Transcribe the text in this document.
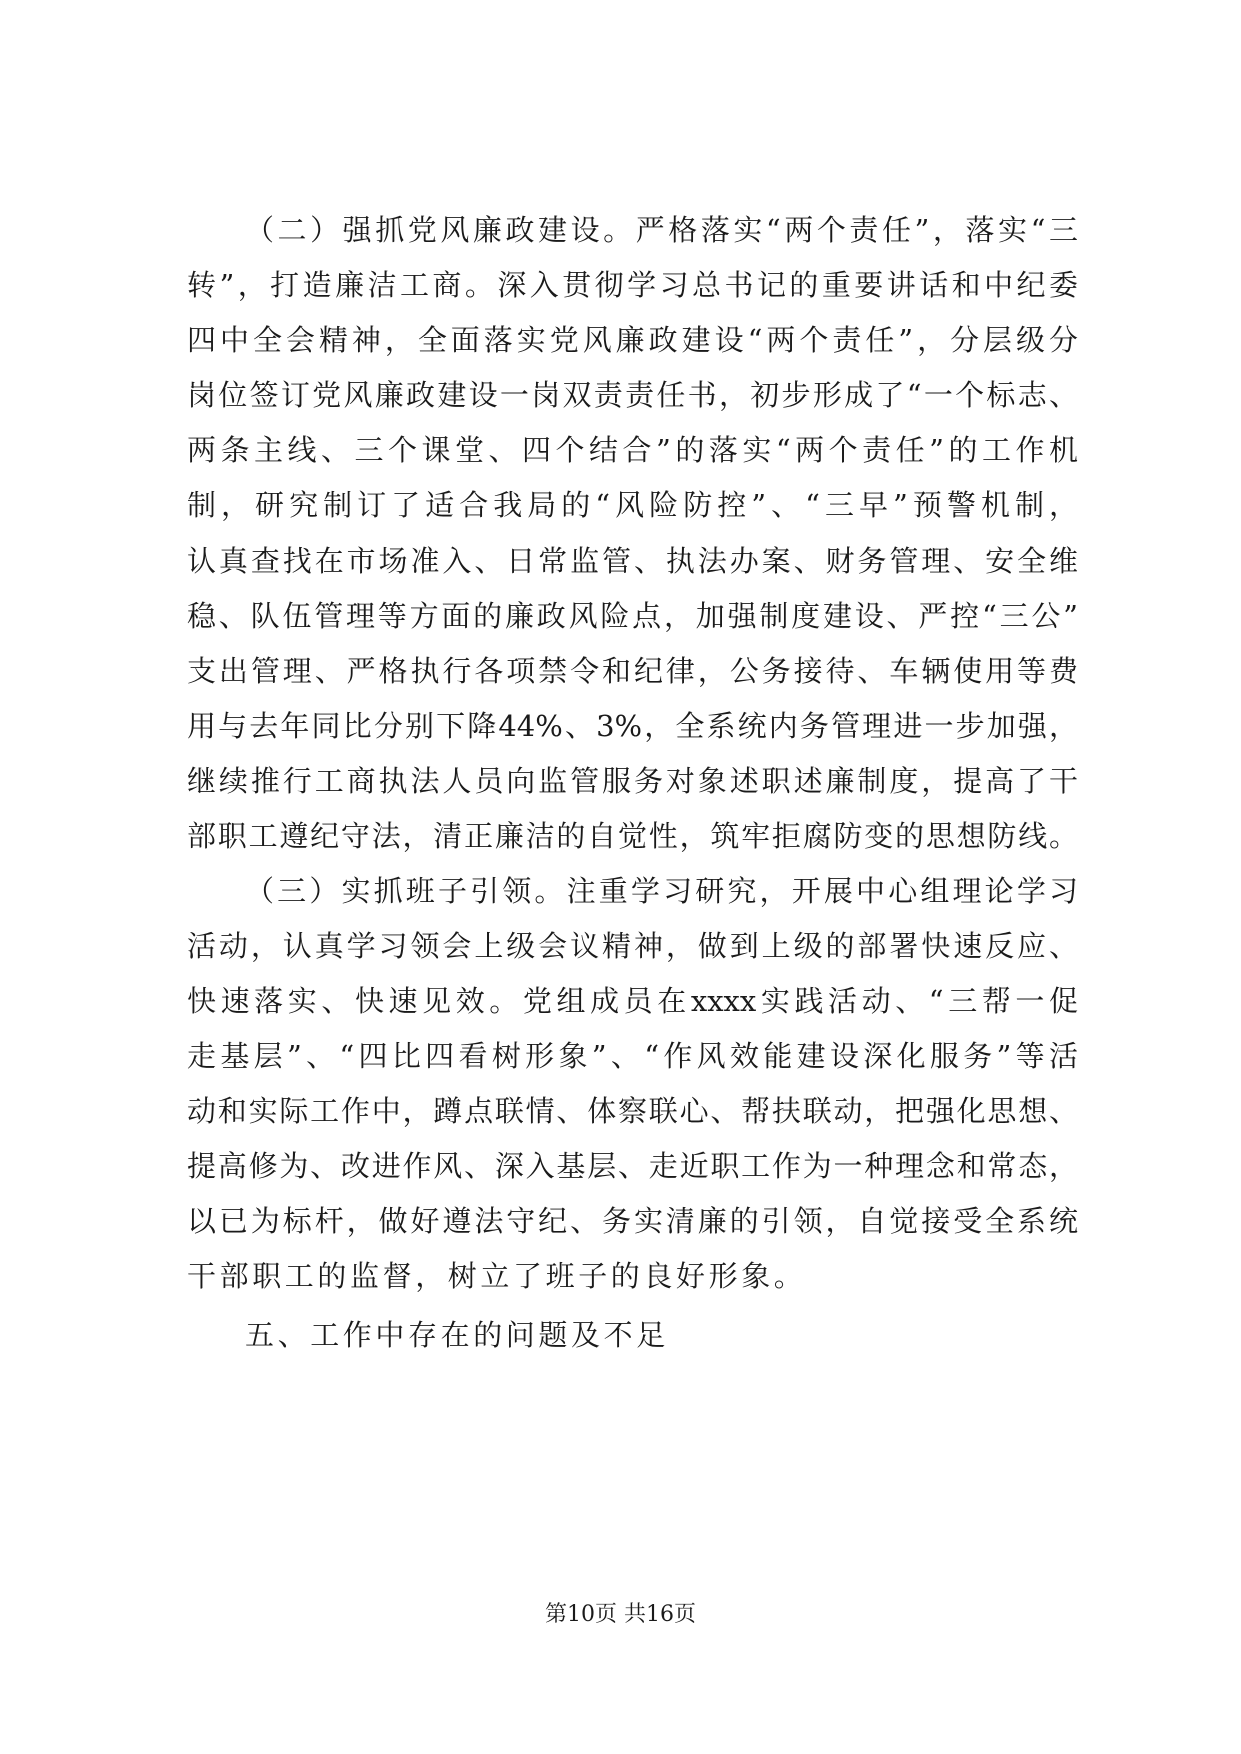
（二）强抓党风廉政建设。严格落实“两个责任”，落实“三
转”，打造廉洁工商。深入贯彻学习总书记的重要讲话和中纪委
四中全会精神，全面落实党风廉政建设“两个责任”，分层级分
岗位签订党风廉政建设一岗双责责任书，初步形成了“一个标志、
两条主线、三个课堂、四个结合”的落实“两个责任”的工作机
制，研究制订了适合我局的“风险防控”、“三早”预警机制，
认真查找在市场准入、日常监管、执法办案、财务管理、安全维
稳、队伍管理等方面的廉政风险点，加强制度建设、严控“三公”
支出管理、严格执行各项禁令和纪律，公务接待、车辆使用等费
用与去年同比分别下降44%、3%，全系统内务管理进一步加强，
继续推行工商执法人员向监管服务对象述职述廉制度，提高了干
部职工遵纪守法，清正廉洁的自觉性，筑牢拒腐防变的思想防线。
（三）实抓班子引领。注重学习研究，开展中心组理论学习
活动，认真学习领会上级会议精神，做到上级的部署快速反应、
快速落实、快速见效。党组成员在xxxx实践活动、“三帮一促
走基层”、“四比四看树形象”、“作风效能建设深化服务”等活
动和实际工作中，蹲点联情、体察联心、帮扶联动，把强化思想、
提高修为、改进作风、深入基层、走近职工作为一种理念和常态，
以已为标杆，做好遵法守纪、务实清廉的引领，自觉接受全系统
干部职工的监督，树立了班子的良好形象。
五、工作中存在的问题及不足
第10页 共16页
